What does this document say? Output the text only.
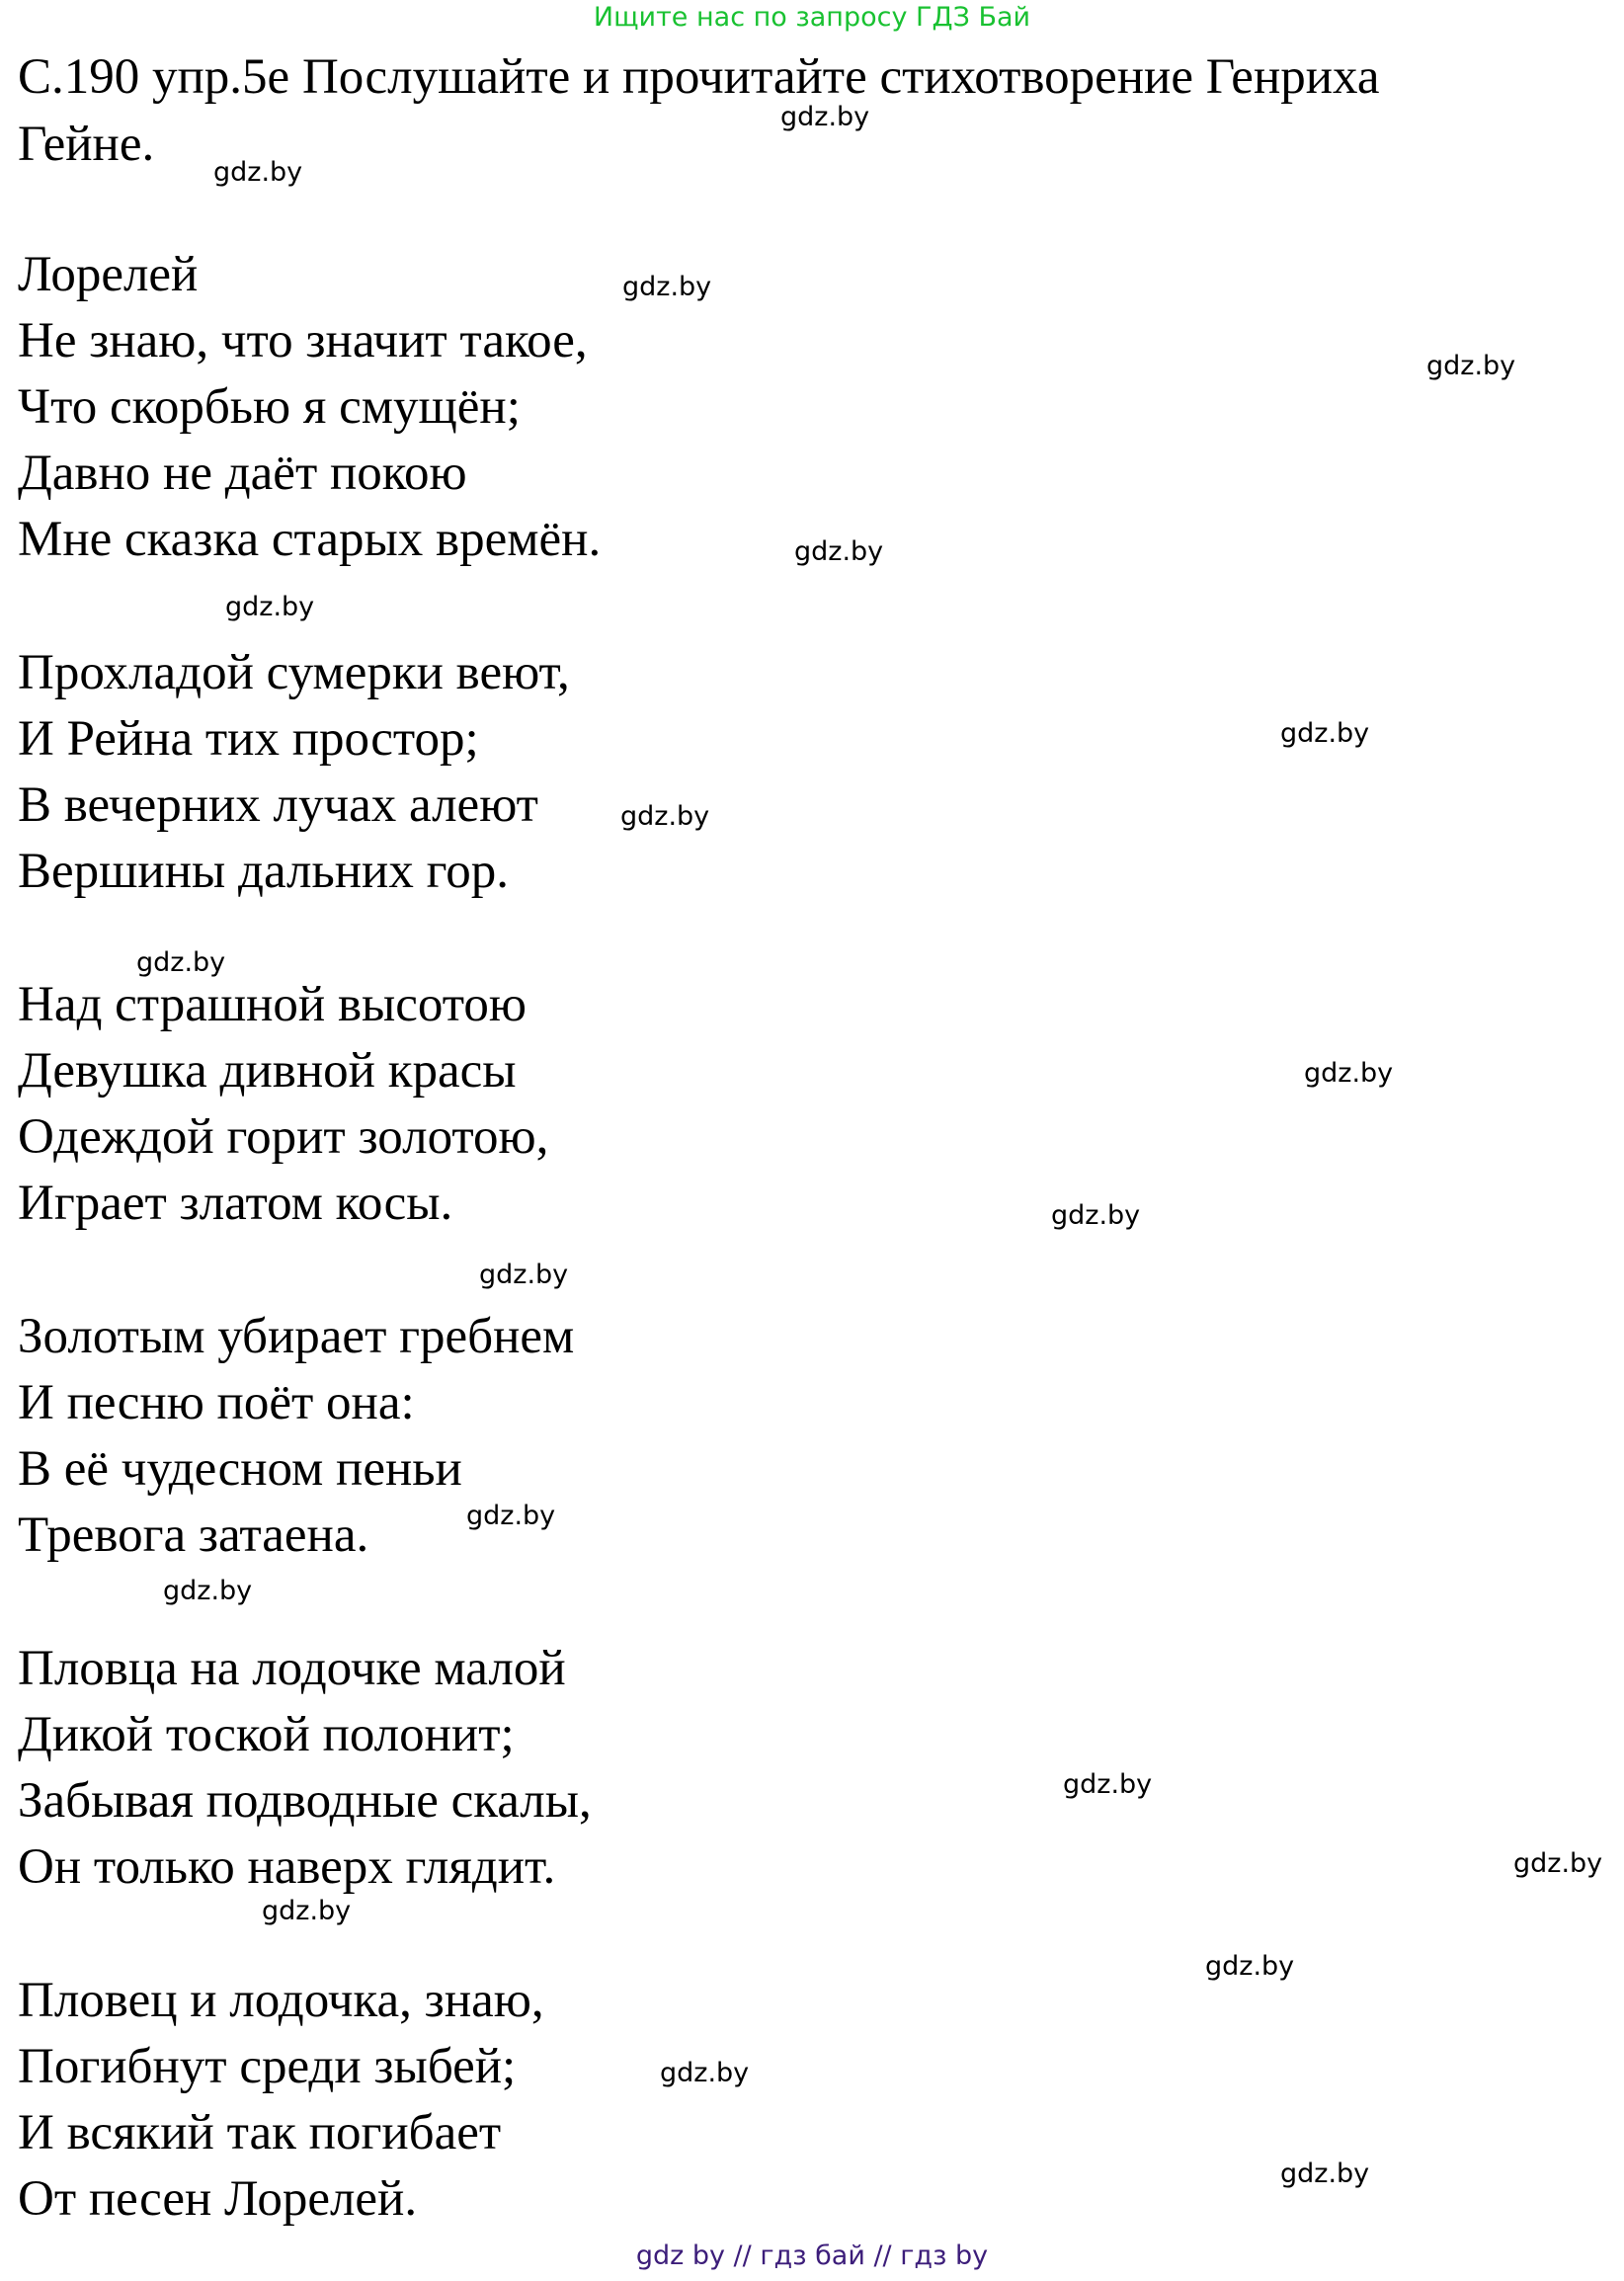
Ищите нас по запросу ГДЗ Бай
С.190 упр.5е Послушайте и прочитайте стихотворение Генриха
Гейне.
Лорелей
Не знаю, что значит такое,
Что скорбью я смущён;
Давно не даёт покою
Мне сказка старых времён.
Прохладой сумерки веют,
И Рейна тих простор;
В вечерних лучах алеют
Вершины дальних гор.
Над страшной высотою
Девушка дивной красы
Одеждой горит золотою,
Играет златом косы.
Золотым убирает гребнем
И песню поёт она:
В её чудесном пеньи
Тревога затаена.
Пловца на лодочке малой
Дикой тоской полонит;
Забывая подводные скалы,
Он только наверх глядит.
Пловец и лодочка, знаю,
Погибнут среди зыбей;
И всякий так погибает
От песен Лорелей.
gdz.by
gdz.by
gdz.by
gdz.by
gdz.by
gdz.by
gdz.by
gdz.by
gdz.by
gdz.by
gdz.by
gdz.by
gdz.by
gdz.by
gdz.by
gdz.by
gdz.by
gdz.by
gdz.by
gdz.by
gdz by // гдз бай // гдз by
